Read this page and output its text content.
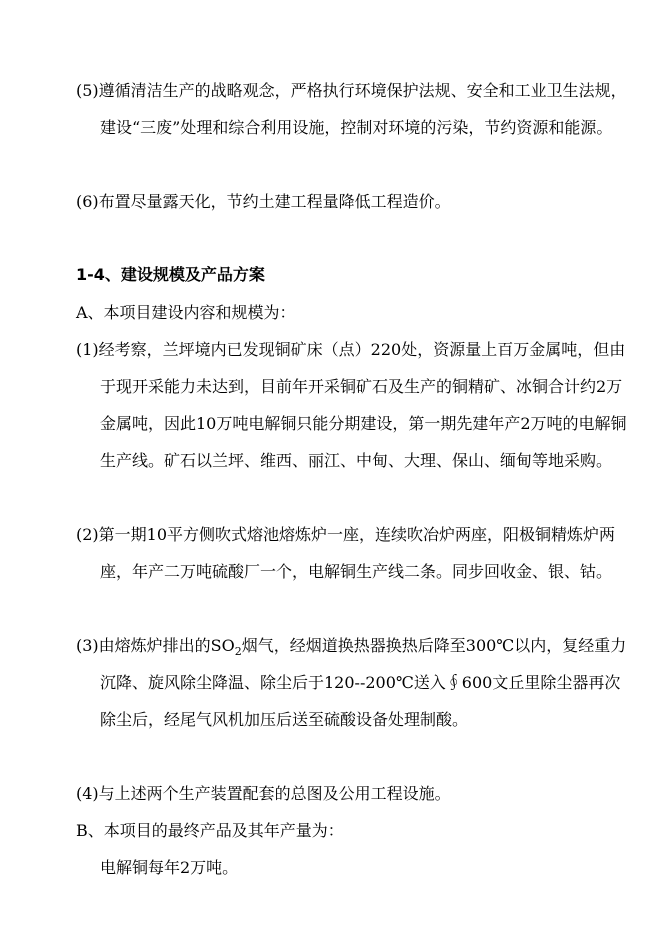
(5)遵循清洁生产的战略观念，严格执行环境保护法规、安全和工业卫生法规，建设“三废”处理和综合利用设施，控制对环境的污染，节约资源和能源。

(6)布置尽量露天化，节约土建工程量降低工程造价。

1-4、建设规模及产品方案

A、本项目建设内容和规模为：

(1)经考察，兰坪境内已发现铜矿床（点）220处，资源量上百万金属吨，但由于现开采能力未达到，目前年开采铜矿石及生产的铜精矿、冰铜合计约2万金属吨，因此10万吨电解铜只能分期建设，第一期先建年产2万吨的电解铜生产线。矿石以兰坪、维西、丽江、中甸、大理、保山、缅甸等地采购。

(2)第一期10平方侧吹式熔池熔炼炉一座，连续吹冶炉两座，阳极铜精炼炉两座，年产二万吨硫酸厂一个，电解铜生产线二条。同步回收金、银、钴。

(3)由熔炼炉排出的$SO_2$烟气，经烟道换热器换热后降至300℃以内，复经重力沉降、旋风除尘降温、除尘后于120--200℃送入∮600文丘里除尘器再次除尘后，经尾气风机加压后送至硫酸设备处理制酸。

(4)与上述两个生产装置配套的总图及公用工程设施。

B、本项目的最终产品及其年产量为：

电解铜每年2万吨。
